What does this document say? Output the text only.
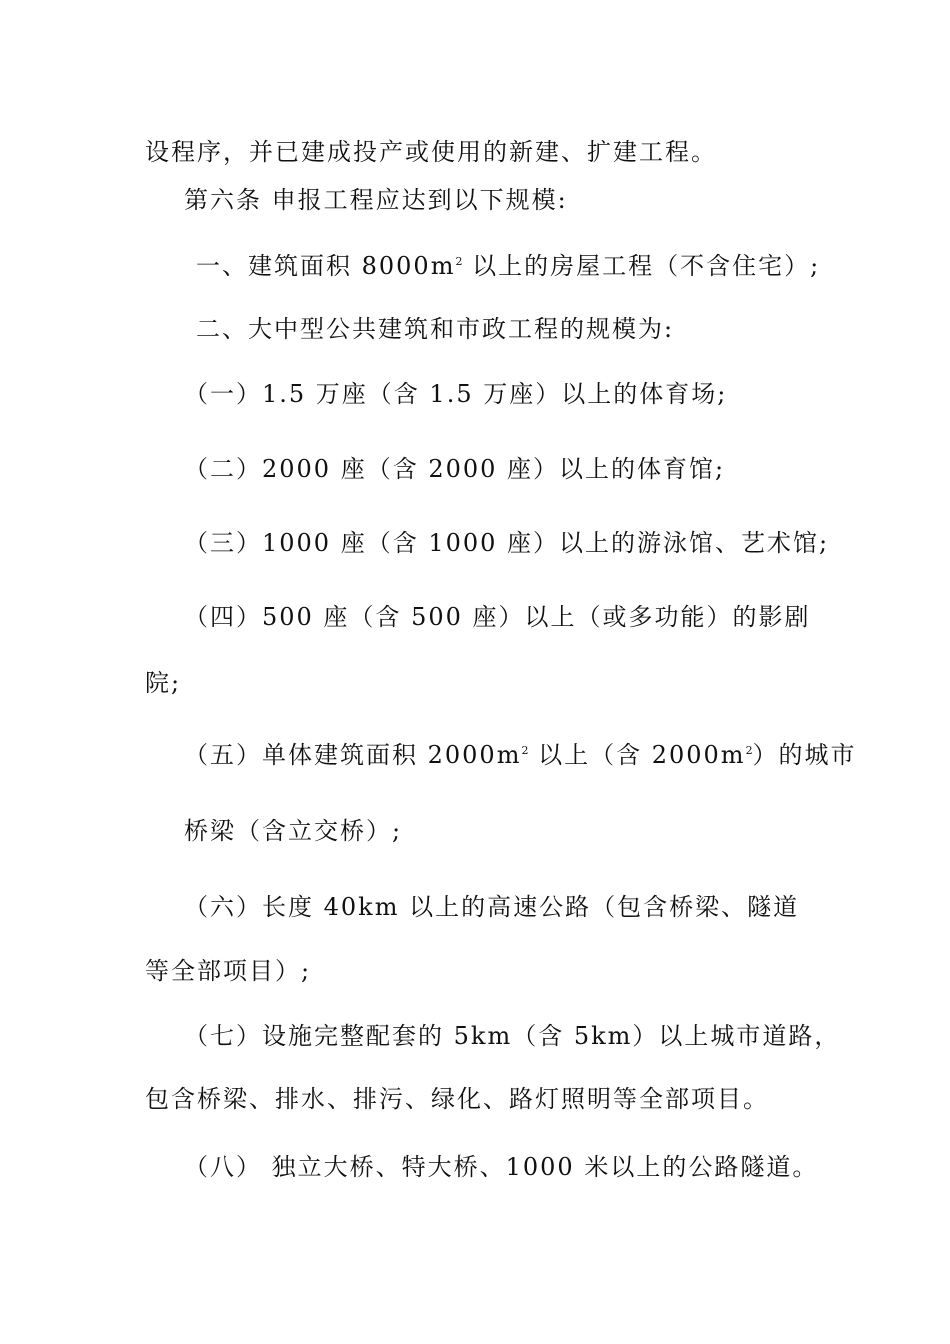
设程序，并已建成投产或使用的新建、扩建工程。
第六条 申报工程应达到以下规模:
一、建筑面积 $8000m^2$ 以上的房屋工程（不含住宅）;
二、大中型公共建筑和市政工程的规模为:
（一）1.5 万座（含 1.5 万座）以上的体育场;
（二）2000 座（含 2000 座）以上的体育馆;
（三）1000 座（含 1000 座）以上的游泳馆、艺术馆;
（四）500 座（含 500 座）以上（或多功能）的影剧
院;
（五）单体建筑面积 $2000m^2$ 以上（含 $2000m^2$）的城市
桥梁（含立交桥）;
（六）长度 40km 以上的高速公路（包含桥梁、隧道
等全部项目）;
（七）设施完整配套的 5km（含 5km）以上城市道路，
包含桥梁、排水、排污、绿化、路灯照明等全部项目。
（八） 独立大桥、特大桥、1000 米以上的公路隧道。
